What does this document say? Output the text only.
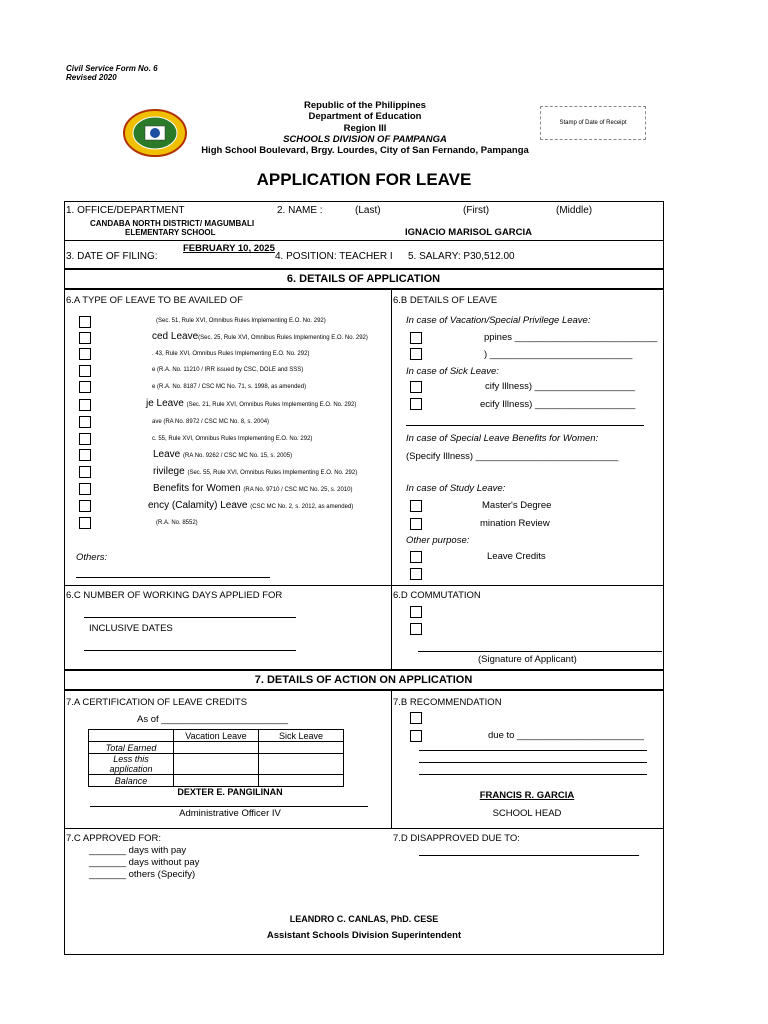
Civil Service Form No. 6
Revised 2020
Republic of the Philippines
Department of Education
Region III
SCHOOLS DIVISION OF PAMPANGA
High School Boulevard, Brgy. Lourdes, City of San Fernando, Pampanga
Stamp of Date of Receipt
APPLICATION FOR LEAVE
1. OFFICE/DEPARTMENT
CANDABA NORTH DISTRICT/ MAGUMBALI
ELEMENTARY SCHOOL
2. NAME :	(Last)	(First)	(Middle)
IGNACIO MARISOL GARCIA
3. DATE OF FILING:
FEBRUARY 10, 2025
4. POSITION: TEACHER I 5. SALARY: P30,512.00
6. DETAILS OF APPLICATION
6.A TYPE OF LEAVE TO BE AVAILED OF	6.B DETAILS OF LEAVE
(Sec. 51, Rule XVI, Omnibus Rules Implementing E.O. No. 292)
ced Leave(Sec. 25, Rule XVI, Omnibus Rules Implementing E.O. No. 292)
. 43, Rule XVI, Omnibus Rules Implementing E.O. No. 292)
e (R.A. No. 11210 / IRR issued by CSC, DOLE and SSS)
e (R.A. No. 8187 / CSC MC No. 71, s. 1998, as amended)
je Leave (Sec. 21, Rule XVI, Omnibus Rules Implementing E.O. No. 292)
ave (RA No. 8972 / CSC MC No. 8, s. 2004)
c. 55, Rule XVI, Omnibus Rules Implementing E.O. No. 292)
Leave (RA No. 9262 / CSC MC No. 15, s. 2005)
rivilege (Sec. 55, Rule XVI, Omnibus Rules Implementing E.O. No. 292)
Benefits for Women (RA No. 9710 / CSC MC No. 25, s. 2010)
ency (Calamity) Leave (CSC MC No. 2, s. 2012, as amended)
(R.A. No. 8552)
Others:
In case of Vacation/Special Privilege Leave:
ppines ___________________________
) ___________________________
In case of Sick Leave:
cify Illness) ___________________
ecify Illness) ___________________
In case of Special Leave Benefits for Women:
(Specify Illness) ___________________________
In case of Study Leave:
Master's Degree
mination Review
Other purpose:
Leave Credits
6.C NUMBER OF WORKING DAYS APPLIED FOR
INCLUSIVE DATES
6.D COMMUTATION
(Signature of Applicant)
7. DETAILS OF ACTION ON APPLICATION
7.A CERTIFICATION OF LEAVE CREDITS
As of ________________________
	Vacation Leave	Sick Leave
Total Earned		
Less this application		
Balance		
DEXTER E. PANGILINAN
Administrative Officer IV
7.B RECOMMENDATION
due to ________________________
FRANCIS R. GARCIA
SCHOOL HEAD
7.C APPROVED FOR:
_______ days with pay
_______ days without pay
_______ others (Specify)
7.D DISAPPROVED DUE TO:
LEANDRO C. CANLAS, PhD. CESE
Assistant Schools Division Superintendent
